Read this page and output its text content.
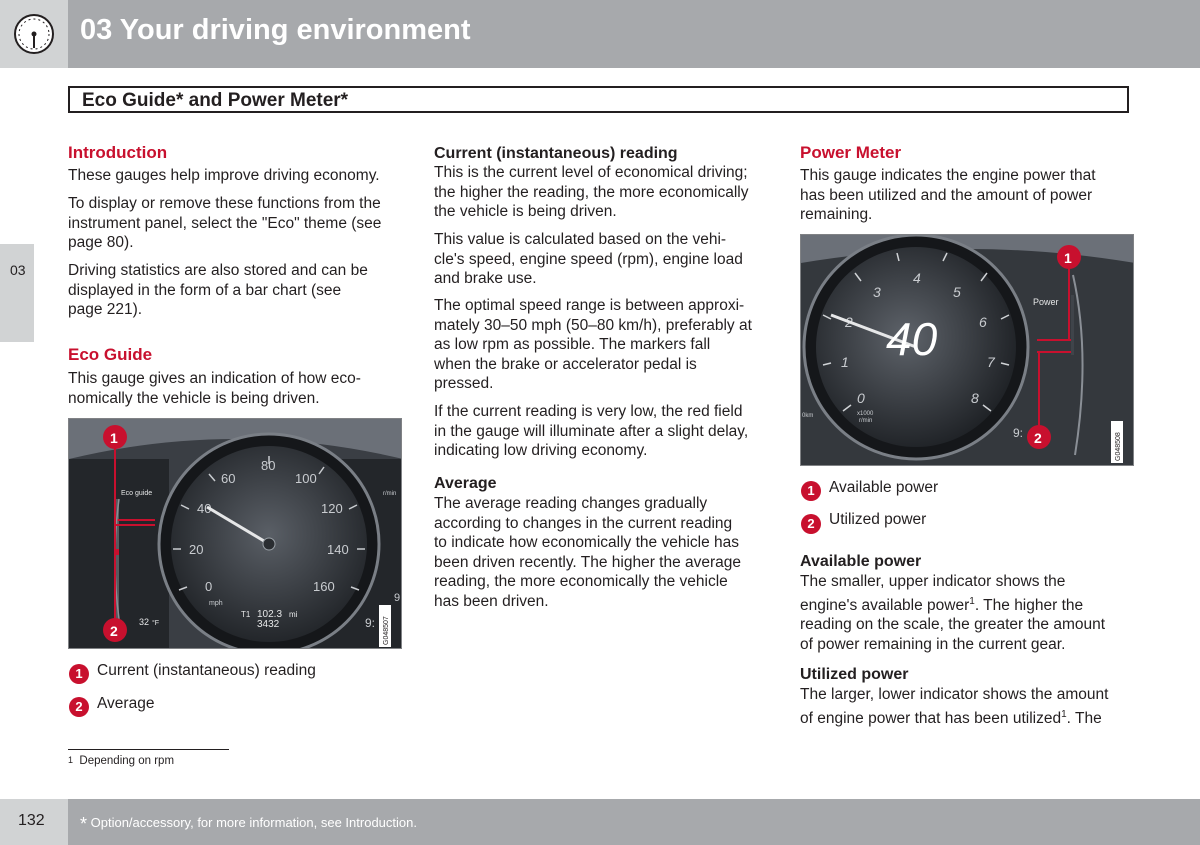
03 Your driving environment
Eco Guide* and Power Meter*
03
Introduction
These gauges help improve driving economy.
To display or remove these functions from the
instrument panel, select the "Eco" theme (see
page 80).
Driving statistics are also stored and can be
displayed in the form of a bar chart (see
page 221).
Eco Guide
This gauge gives an indication of how eco-
nomically the vehicle is being driven.
0
20
40
60
80
100
120
140
160
mph
T1 102.3 mi
3432
Eco guide
32 °F
r/min
9
9: G048507
1
2
1 Current (instantaneous) reading
2 Average
Current (instantaneous) reading
This is the current level of economical driving;
the higher the reading, the more economically
the vehicle is being driven.
This value is calculated based on the vehi-
cle's speed, engine speed (rpm), engine load
and brake use.
The optimal speed range is between approxi-
mately 30–50 mph (50–80 km/h), preferably at
as low rpm as possible. The markers fall
when the brake or accelerator pedal is
pressed.
If the current reading is very low, the red field
in the gauge will illuminate after a slight delay,
indicating low driving economy.
Average
The average reading changes gradually
according to changes in the current reading
to indicate how economically the vehicle has
been driven recently. The higher the average
reading, the more economically the vehicle
has been driven.
Power Meter
This gauge indicates the engine power that
has been utilized and the amount of power
remaining.
0
1
3
4
5
6
7
8
40
x1000
r/min
0km
Power
9:	G048508
1
2
1 Available power
2 Utilized power
Available power
The smaller, upper indicator shows the
engine's available power$^1$. The higher the
reading on the scale, the greater the amount
of power remaining in the current gear.
Utilized power
The larger, lower indicator shows the amount
of engine power that has been utilized$^1$. The
1 Depending on rpm
132 * Option/accessory, for more information, see Introduction.
